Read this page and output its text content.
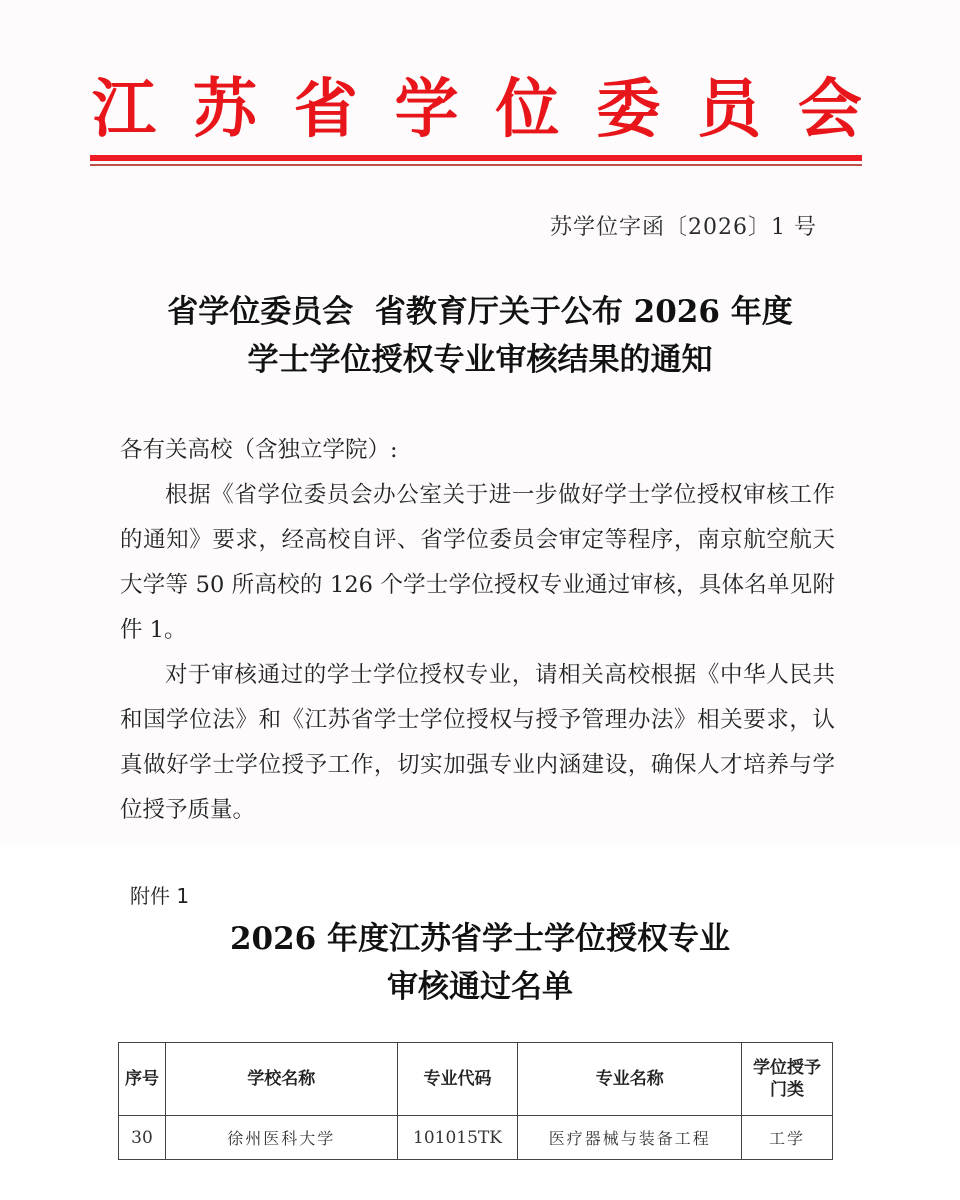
江 苏 省 学 位 委 员 会
苏学位字函〔2026〕1 号
省学位委员会  省教育厅关于公布 2026 年度
学士学位授权专业审核结果的通知

各有关高校（含独立学院）:

根据《省学位委员会办公室关于进一步做好学士学位授权审核工作的通知》要求，经高校自评、省学位委员会审定等程序，南京航空航天大学等 50 所高校的 126 个学士学位授权专业通过审核，具体名单见附件 1。

对于审核通过的学士学位授权专业，请相关高校根据《中华人民共和国学位法》和《江苏省学士学位授权与授予管理办法》相关要求，认真做好学士学位授予工作，切实加强专业内涵建设，确保人才培养与学位授予质量。

附件 1
2026 年度江苏省学士学位授权专业
审核通过名单
序号	学校名称	专业代码	专业名称	学位授予门类
30	徐州医科大学	101015TK	医疗器械与装备工程	工学
